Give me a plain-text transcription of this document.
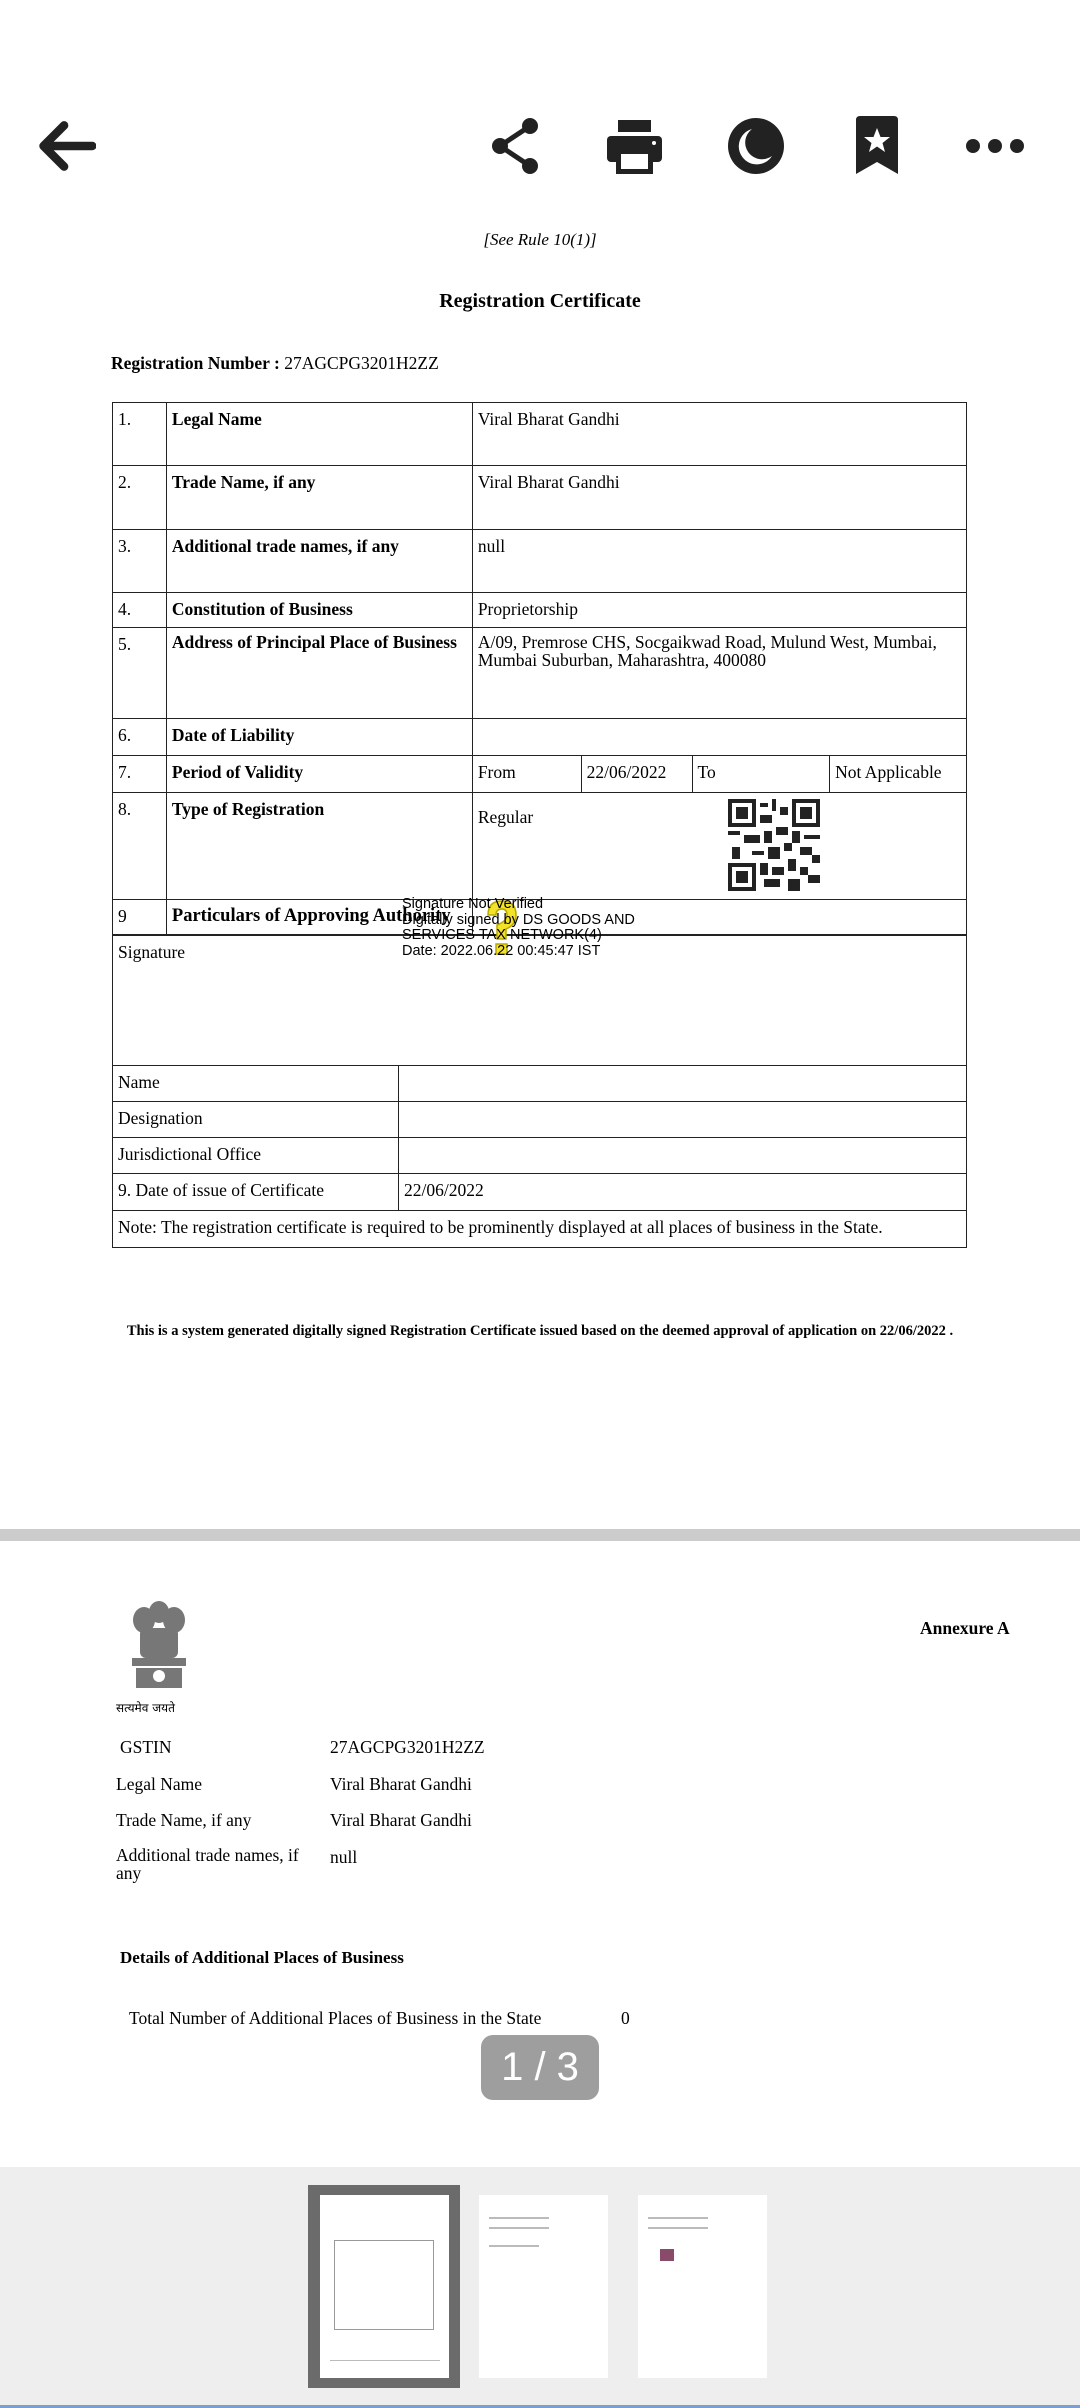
[See Rule 10(1)]
Registration Certificate
Registration Number : 27AGCPG3201H2ZZ
1.	Legal Name	Viral Bharat Gandhi			
2.	Trade Name, if any	Viral Bharat Gandhi			
3.	Additional trade names, if any	null			
4.	Constitution of Business	Proprietorship			
5.	Address of Principal Place of Business	A/09, Premrose CHS, Socgaikwad Road, Mulund West, Mumbai, Mumbai Suburban, Maharashtra, 400080			
6.	Date of Liability				
7.	Period of Validity	From	22/06/2022	To	Not Applicable
8.	Type of Registration	Regular			

9	Particulars of Approving Authority				
Signature	
Name	
Designation	
Jurisdictional Office	
9. Date of issue of Certificate	22/06/2022
Note: The registration certificate is required to be prominently displayed at all places of business in the State.	
Signature Not Verified
Digitally signed by DS GOODS AND
SERVICES TAX NETWORK(4)
Date: 2022.06.22 00:45:47 IST
This is a system generated digitally signed Registration Certificate issued based on the deemed approval of application on 22/06/2022 .
सत्यमेव जयते
Annexure A
GSTIN	27AGCPG3201H2ZZ
Legal Name	Viral Bharat Gandhi
Trade Name, if any	Viral Bharat Gandhi
Additional trade names, if any	null
Details of Additional Places of Business
Total Number of Additional Places of Business in the State	0
1 / 3
